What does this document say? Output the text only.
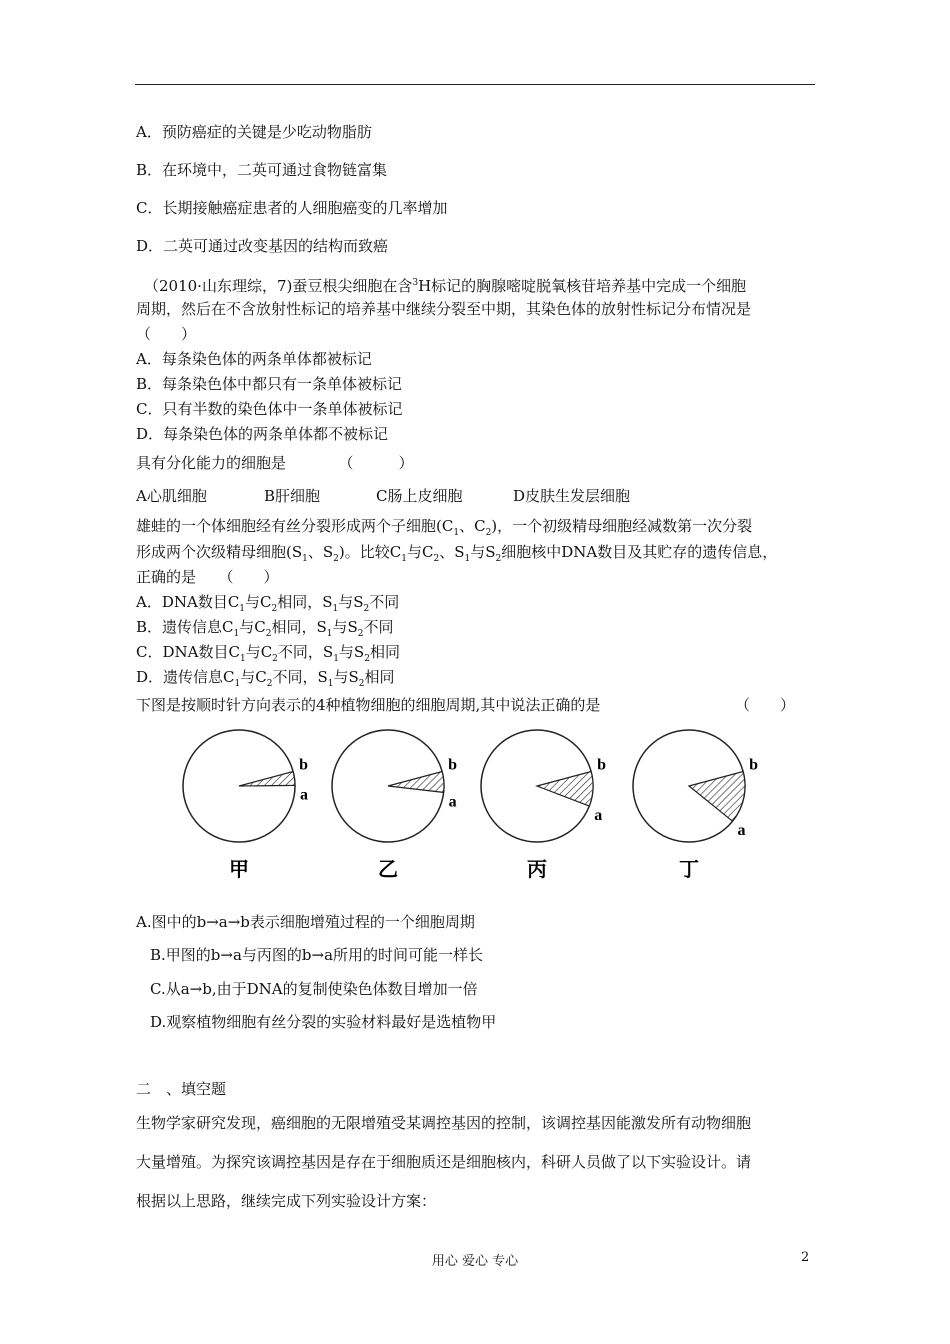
A．预防癌症的关键是少吃动物脂肪
B．在环境中，二英可通过食物链富集
C．长期接触癌症患者的人细胞癌变的几率增加
D．二英可通过改变基因的结构而致癌
（2010·山东理综，7)蚕豆根尖细胞在含$^3$H标记的胸腺嘧啶脱氧核苷培养基中完成一个细胞
周期，然后在不含放射性标记的培养基中继续分裂至中期，其染色体的放射性标记分布情况是
（　　）
A．每条染色体的两条单体都被标记
B．每条染色体中都只有一条单体被标记
C．只有半数的染色体中一条单体被标记
D．每条染色体的两条单体都不被标记
具有分化能力的细胞是　　　　（　　　）
A心肌细胞	B肝细胞	C肠上皮细胞	D皮肤生发层细胞
雄蛙的一个体细胞经有丝分裂形成两个子细胞($C_1$、$C_2$)，一个初级精母细胞经减数第一次分裂
形成两个次级精母细胞($S_1$、$S_2$)。比较$C_1$与$C_2$、$S_1$与$S_2$细胞核中DNA数目及其贮存的遗传信息，
正确的是　　（　　）
A．DNA数目$C_1$与$C_2$相同，$S_1$与$S_2$不同
B．遗传信息$C_1$与$C_2$相同，$S_1$与$S_2$不同
C．DNA数目$C_1$与$C_2$不同，$S_1$与$S_2$相同
D．遗传信息$C_1$与$C_2$不同，$S_1$与$S_2$相同
下图是按顺时针方向表示的4种植物细胞的细胞周期,其中说法正确的是	（　　）
b
a
甲
b
a
乙
b
a
丙
b
a
丁
A.图中的b→a→b表示细胞增殖过程的一个细胞周期
B.甲图的b→a与丙图的b→a所用的时间可能一样长
C.从a→b,由于DNA的复制使染色体数目增加一倍
D.观察植物细胞有丝分裂的实验材料最好是选植物甲
二　、填空题
生物学家研究发现，癌细胞的无限增殖受某调控基因的控制，该调控基因能激发所有动物细胞
大量增殖。为探究该调控基因是存在于细胞质还是细胞核内，科研人员做了以下实验设计。请
根据以上思路，继续完成下列实验设计方案：
用心 爱心 专心	2
